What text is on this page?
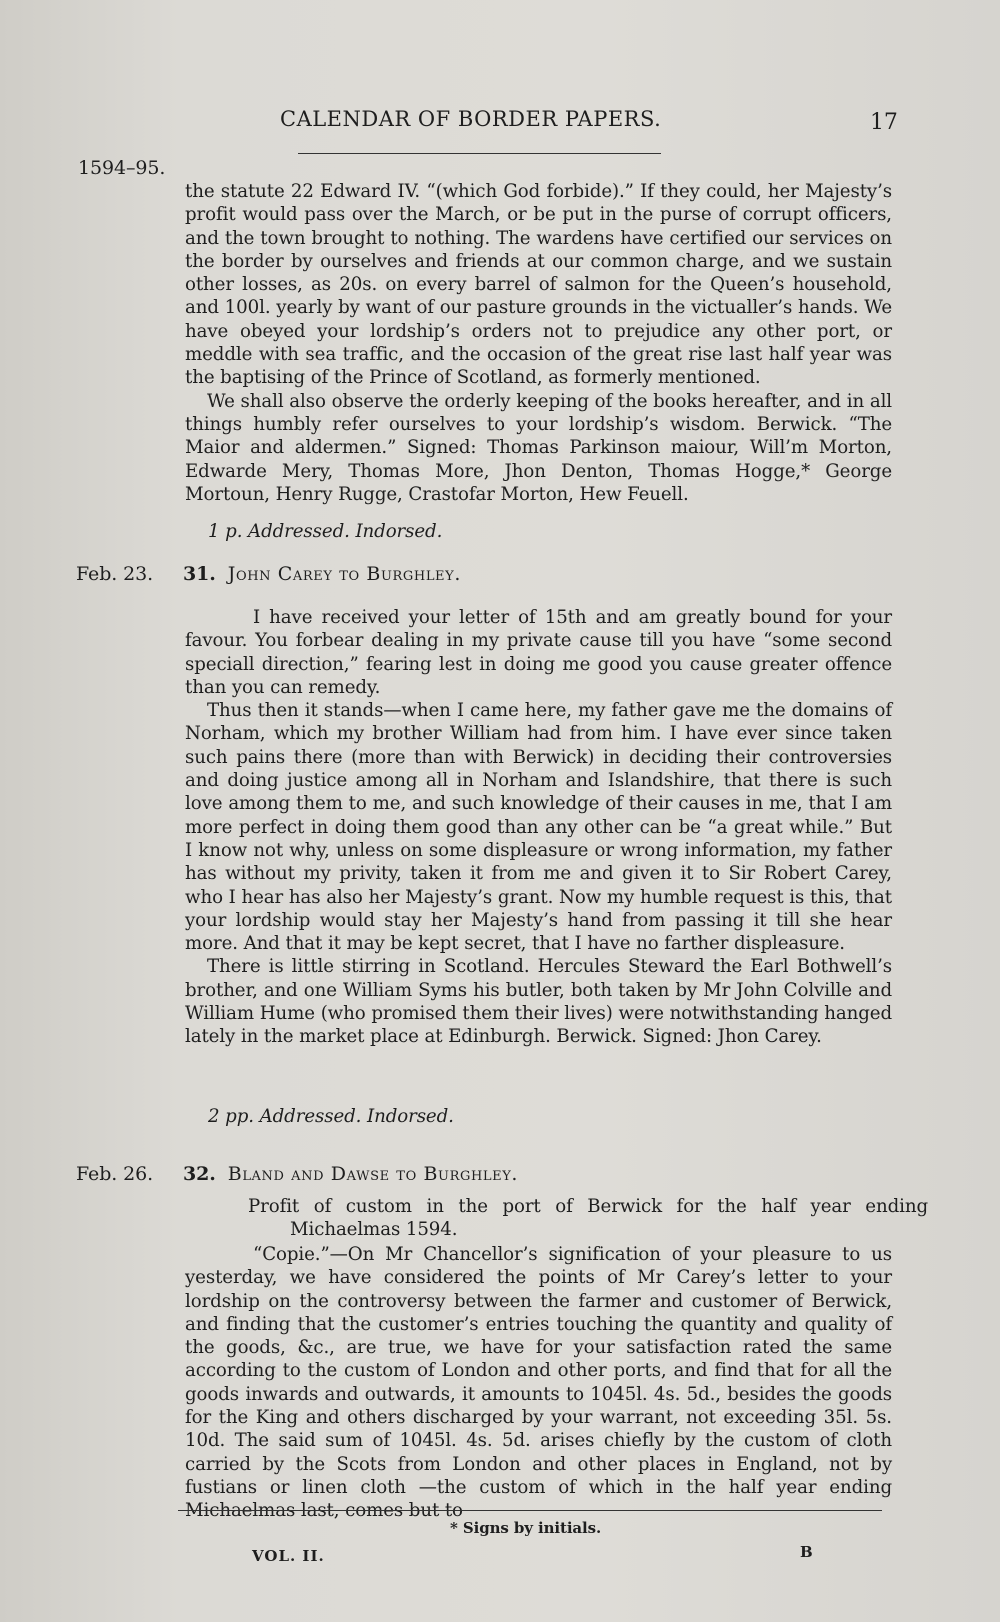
CALENDAR OF BORDER PAPERS.	17
1594–95.

the statute 22 Edward IV. “(which God forbide).” If they could, her Majesty’s profit would pass over the March, or be put in the purse of corrupt officers, and the town brought to nothing. The wardens have certified our services on the border by ourselves and friends at our common charge, and we sustain other losses, as 20s. on every barrel of salmon for the Queen’s household, and 100l. yearly by want of our pasture grounds in the victualler’s hands. We have obeyed your lordship’s orders not to prejudice any other port, or meddle with sea traffic, and the occasion of the great rise last half year was the baptising of the Prince of Scotland, as formerly mentioned.

We shall also observe the orderly keeping of the books hereafter, and in all things humbly refer ourselves to your lordship’s wisdom. Berwick. “The Maior and aldermen.” Signed: Thomas Parkinson maiour, Will’m Morton, Edwarde Mery, Thomas More, Jhon Denton, Thomas Hogge,* George Mortoun, Henry Rugge, Crastofar Morton, Hew Feuell.

1 p. Addressed. Indorsed.
Feb. 23. 31. John Carey to Burghley.

I have received your letter of 15th and am greatly bound for your favour. You forbear dealing in my private cause till you have “some second speciall direction,” fearing lest in doing me good you cause greater offence than you can remedy.

Thus then it stands—when I came here, my father gave me the domains of Norham, which my brother William had from him. I have ever since taken such pains there (more than with Berwick) in deciding their controversies and doing justice among all in Norham and Islandshire, that there is such love among them to me, and such knowledge of their causes in me, that I am more perfect in doing them good than any other can be “a great while.” But I know not why, unless on some displeasure or wrong information, my father has without my privity, taken it from me and given it to Sir Robert Carey, who I hear has also her Majesty’s grant. Now my humble request is this, that your lordship would stay her Majesty’s hand from passing it till she hear more. And that it may be kept secret, that I have no farther displeasure.

There is little stirring in Scotland. Hercules Steward the Earl Bothwell’s brother, and one William Syms his butler, both taken by Mr John Colville and William Hume (who promised them their lives) were notwithstanding hanged lately in the market place at Edinburgh. Berwick. Signed: Jhon Carey.

2 pp. Addressed. Indorsed.
Feb. 26. 32. Bland and Dawse to Burghley.
Profit of custom in the port of Berwick for the half year ending Michaelmas 1594.

“Copie.”—On Mr Chancellor’s signification of your pleasure to us yesterday, we have considered the points of Mr Carey’s letter to your lordship on the controversy between the farmer and customer of Berwick, and finding that the customer’s entries touching the quantity and quality of the goods, &c., are true, we have for your satisfaction rated the same according to the custom of London and other ports, and find that for all the goods inwards and outwards, it amounts to 1045l. 4s. 5d., besides the goods for the King and others discharged by your warrant, not exceeding 35l. 5s. 10d. The said sum of 1045l. 4s. 5d. arises chiefly by the custom of cloth carried by the Scots from London and other places in England, not by fustians or linen cloth —the custom of which in the half year ending Michaelmas last, comes but to

* Signs by initials.
VOL. II.	B
